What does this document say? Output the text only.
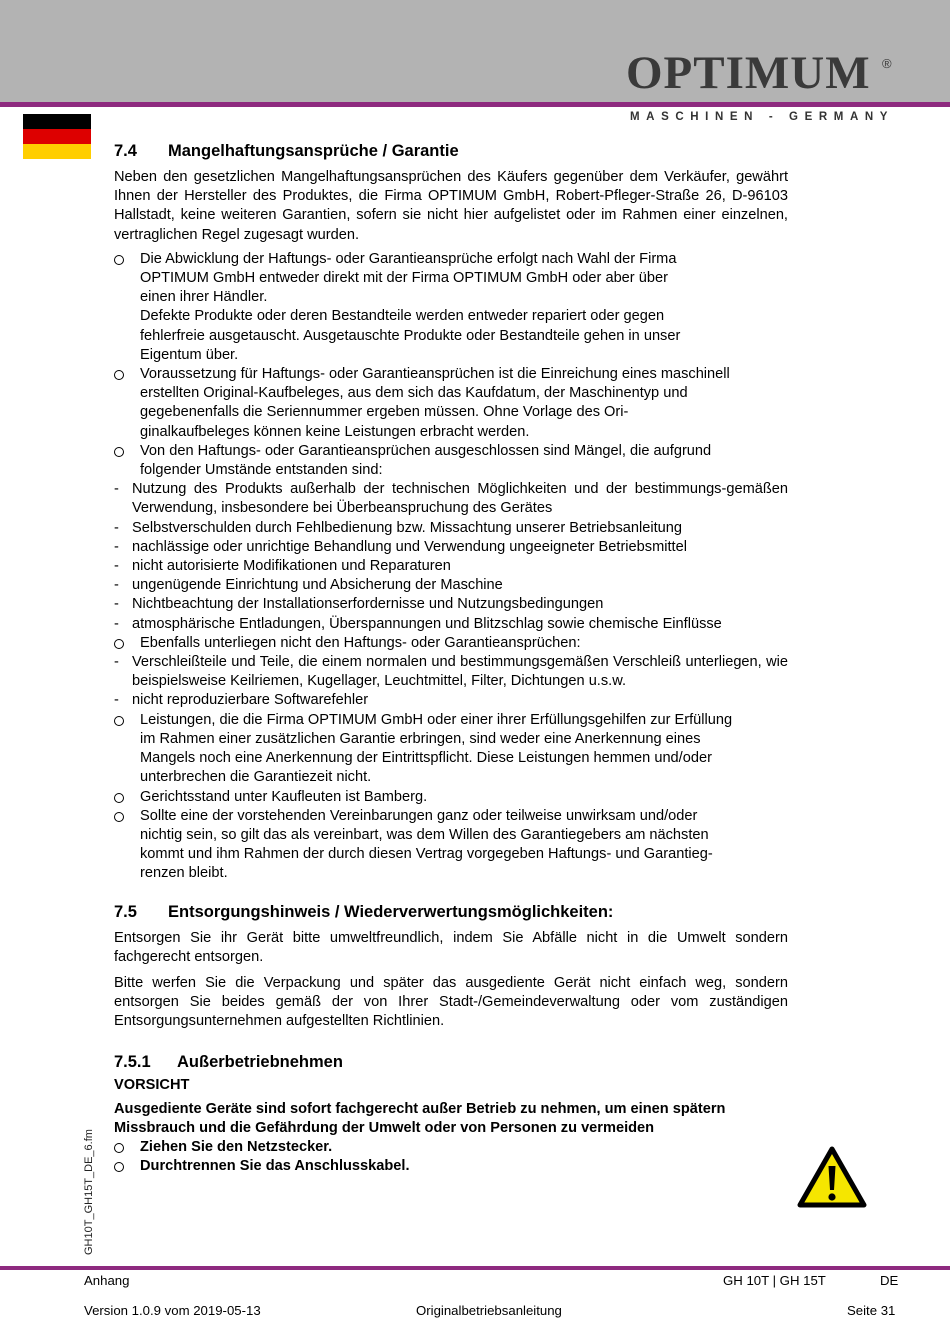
OPTIMUM ®
MASCHINEN - GERMANY
7.4	Mangelhaftungsansprüche / Garantie

Neben den gesetzlichen Mangelhaftungsansprüchen des Käufers gegenüber dem Verkäufer, gewährt Ihnen der Hersteller des Produktes, die Firma OPTIMUM GmbH, Robert-Pfleger-Straße 26, D-96103 Hallstadt, keine weiteren Garantien, sofern sie nicht hier aufgelistet oder im Rahmen einer einzelnen, vertraglichen Regel zugesagt wurden.

Die Abwicklung der Haftungs- oder Garantieansprüche erfolgt nach Wahl der Firma
OPTIMUM GmbH entweder direkt mit der Firma OPTIMUM GmbH oder aber über
einen ihrer Händler.
Defekte Produkte oder deren Bestandteile werden entweder repariert oder gegen
fehlerfreie ausgetauscht. Ausgetauschte Produkte oder Bestandteile gehen in unser
Eigentum über.
Voraussetzung für Haftungs- oder Garantieansprüchen ist die Einreichung eines maschinell
erstellten Original-Kaufbeleges, aus dem sich das Kaufdatum, der Maschinentyp und
gegebenenfalls die Seriennummer ergeben müssen. Ohne Vorlage des Ori-
ginalkaufbeleges können keine Leistungen erbracht werden.
Von den Haftungs- oder Garantieansprüchen ausgeschlossen sind Mängel, die aufgrund
folgender Umstände entstanden sind:
- Nutzung des Produkts außerhalb der technischen Möglichkeiten und der bestimmungs-gemäßen Verwendung, insbesondere bei Überbeanspruchung des Gerätes
- Selbstverschulden durch Fehlbedienung bzw. Missachtung unserer Betriebsanleitung
- nachlässige oder unrichtige Behandlung und Verwendung ungeeigneter Betriebsmittel
- nicht autorisierte Modifikationen und Reparaturen
- ungenügende Einrichtung und Absicherung der Maschine
- Nichtbeachtung der Installationserfordernisse und Nutzungsbedingungen
- atmosphärische Entladungen, Überspannungen und Blitzschlag sowie chemische Einflüsse
Ebenfalls unterliegen nicht den Haftungs- oder Garantieansprüchen:
- Verschleißteile und Teile, die einem normalen und bestimmungsgemäßen Verschleiß unterliegen, wie beispielsweise Keilriemen, Kugellager, Leuchtmittel, Filter, Dichtungen u.s.w.
- nicht reproduzierbare Softwarefehler
Leistungen, die die Firma OPTIMUM GmbH oder einer ihrer Erfüllungsgehilfen zur Erfüllung
im Rahmen einer zusätzlichen Garantie erbringen, sind weder eine Anerkennung eines
Mangels noch eine Anerkennung der Eintrittspflicht. Diese Leistungen hemmen und/oder
unterbrechen die Garantiezeit nicht.
Gerichtsstand unter Kaufleuten ist Bamberg.
Sollte eine der vorstehenden Vereinbarungen ganz oder teilweise unwirksam und/oder
nichtig sein, so gilt das als vereinbart, was dem Willen des Garantiegebers am nächsten
kommt und ihm Rahmen der durch diesen Vertrag vorgegeben Haftungs- und Garantieg-
renzen bleibt.
7.5	Entsorgungshinweis / Wiederverwertungsmöglichkeiten:

Entsorgen Sie ihr Gerät bitte umweltfreundlich, indem Sie Abfälle nicht in die Umwelt sondern fachgerecht entsorgen.

Bitte werfen Sie die Verpackung und später das ausgediente Gerät nicht einfach weg, sondern entsorgen Sie beides gemäß der von Ihrer Stadt-/Gemeindeverwaltung oder vom zuständigen Entsorgungsunternehmen aufgestellten Richtlinien.

7.5.1	Außerbetriebnehmen
VORSICHT
Ausgediente Geräte sind sofort fachgerecht außer Betrieb zu nehmen, um einen spätern
Missbrauch und die Gefährdung der Umwelt oder von Personen zu vermeiden
Ziehen Sie den Netzstecker.
Durchtrennen Sie das Anschlusskabel.
GH10T_GH15T_DE_6.fm
Anhang	GH 10T | GH 15T	DE
Version 1.0.9 vom 2019-05-13	Originalbetriebsanleitung	Seite 31
